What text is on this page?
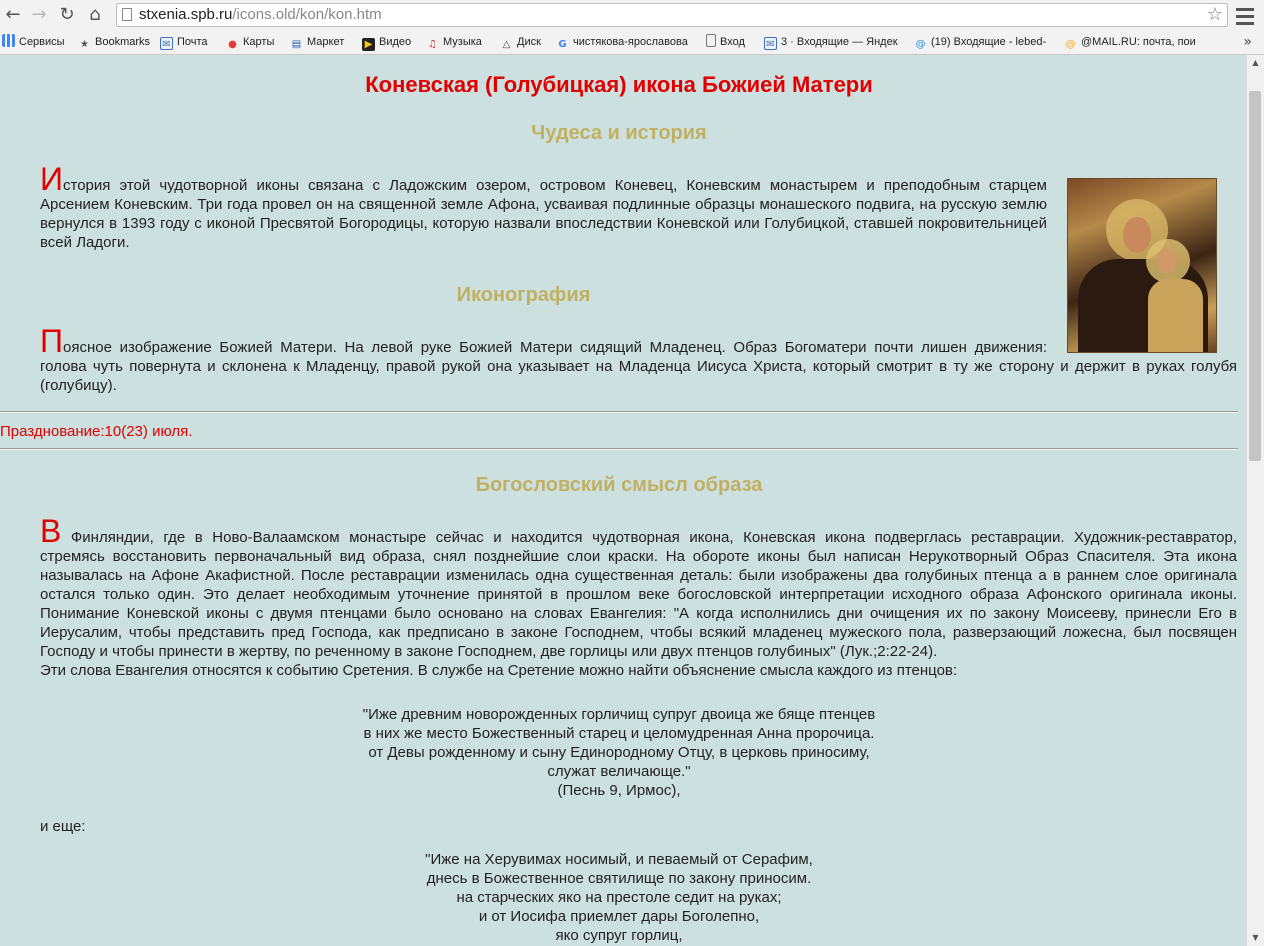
← → ↻ ⌂	stxenia.spb.ru/icons.old/kon/kon.htm	☆
Сервисы ★ Bookmarks ✉ Почта ● Карты ▤ Маркет ▶ Видео ♫ Музыка △ Диск G чистякова-ярославова	Вход ✉ 3 · Входящие — Яндек @ (19) Входящие - lebed- @ @MAIL.RU: почта, пои	»
Коневская (Голубицкая) икона Божией Матери
Чудеса и история
История этой чудотворной иконы связана с Ладожским озером, островом Коневец, Коневским монастырем и преподобным старцем Арсением Коневским. Три года провел он на священной земле Афона, усваивая подлинные образцы монашеского подвига, на русскую землю вернулся в 1393 году с иконой Пресвятой Богородицы, которую назвали впоследствии Коневской или Голубицкой, ставшей покровительницей всей Ладоги.
Иконография
Поясное изображение Божией Матери. На левой руке Божией Матери сидящий Младенец. Образ Богоматери почти лишен движения:
голова чуть повернута и склонена к Младенцу, правой рукой она указывает на Младенца Иисуса Христа, который смотрит в ту же сторону и держит в руках голубя (голубицу).
Празднование:10(23) июля.
Богословский смысл образа
В Финляндии, где в Ново-Валаамском монастыре сейчас и находится чудотворная икона, Коневская икона подверглась реставрации. Художник-реставратор,
стремясь восстановить первоначальный вид образа, снял позднейшие слои краски. На обороте иконы был написан Нерукотворный Образ Спасителя. Эта икона
называлась на Афоне Акафистной. После реставрации изменилась одна существенная деталь: были изображены два голубиных птенца а в раннем слое оригинала
остался только один. Это делает необходимым уточнение принятой в прошлом веке богословской интерпретации исходного образа Афонского оригинала иконы.
Понимание Коневской иконы с двумя птенцами было основано на словах Евангелия: "А когда исполнились дни очищения их по закону Моисееву, принесли Его в
Иерусалим, чтобы представить пред Господа, как предписано в законе Господнем, чтобы всякий младенец мужеского пола, разверзающий ложесна, был посвящен
Господу и чтобы принести в жертву, по реченному в законе Господнем, две горлицы или двух птенцов голубиных" (Лук.;2:22-24).
Эти слова Евангелия относятся к событию Сретения. В службе на Сретение можно найти объяснение смысла каждого из птенцов:
"Иже древним новорожденных горличищ супруг двоица же бяще птенцев
в них же место Божественный старец и целомудренная Анна пророчица.
от Девы рожденному и сыну Единородному Отцу, в церковь приносиму,
служат величающе."
(Песнь 9, Ирмос),
и еще:
"Иже на Херувимах носимый, и певаемый от Серафим,
днесь в Божественное святилище по закону приносим.
на старческих яко на престоле седит на руках;
и от Иосифа приемлет дары Боголепно,
яко супруг горлиц,
▲
▼
